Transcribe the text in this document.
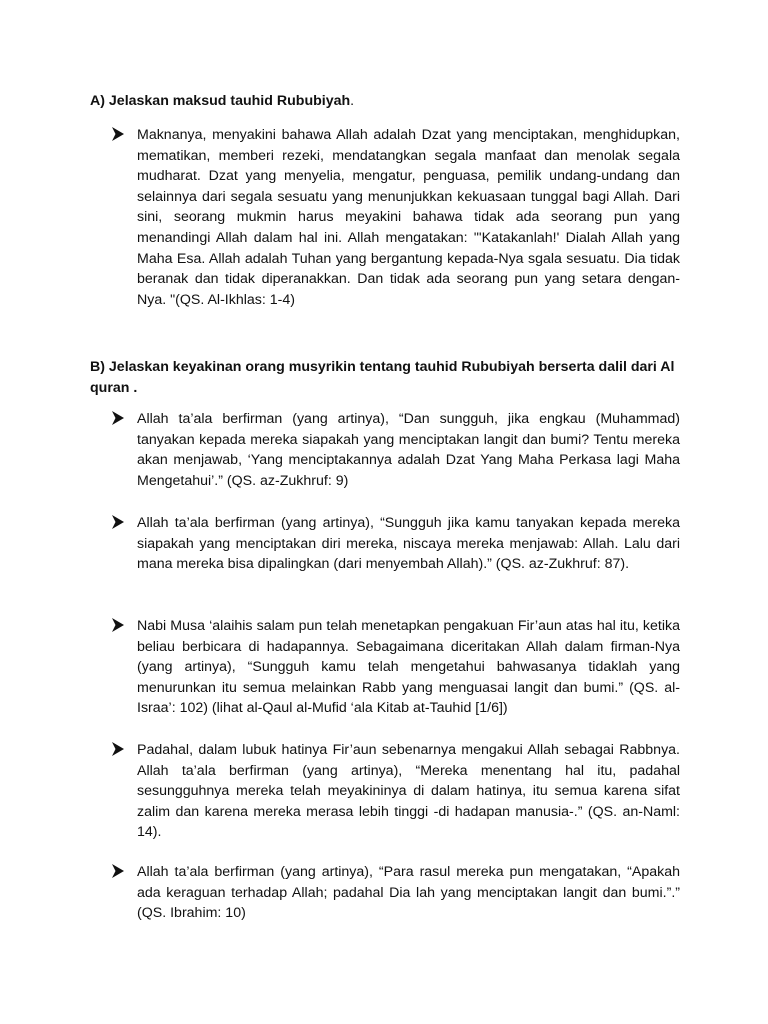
A) Jelaskan maksud tauhid Rububiyah.

Maknanya, menyakini bahawa Allah adalah Dzat yang menciptakan, menghidupkan, mematikan, memberi rezeki, mendatangkan segala manfaat dan menolak segala mudharat. Dzat yang menyelia, mengatur, penguasa, pemilik undang-undang dan selainnya dari segala sesuatu yang menunjukkan kekuasaan tunggal bagi Allah. Dari sini, seorang mukmin harus meyakini bahawa tidak ada seorang pun yang menandingi Allah dalam hal ini. Allah mengatakan: "'Katakanlah!' Dialah Allah yang Maha Esa. Allah adalah Tuhan yang bergantung kepada-Nya sgala sesuatu. Dia tidak beranak dan tidak diperanakkan. Dan tidak ada seorang pun yang setara dengan-Nya. "(QS. Al-Ikhlas: 1-4)

B) Jelaskan keyakinan orang musyrikin tentang tauhid Rububiyah berserta dalil dari Al quran .

Allah ta’ala berfirman (yang artinya), “Dan sungguh, jika engkau (Muhammad) tanyakan kepada mereka siapakah yang menciptakan langit dan bumi? Tentu mereka akan menjawab, ‘Yang menciptakannya adalah Dzat Yang Maha Perkasa lagi Maha Mengetahui’.” (QS. az-Zukhruf: 9)

Allah ta’ala berfirman (yang artinya), “Sungguh jika kamu tanyakan kepada mereka siapakah yang menciptakan diri mereka, niscaya mereka menjawab: Allah. Lalu dari mana mereka bisa dipalingkan (dari menyembah Allah).” (QS. az-Zukhruf: 87).

Nabi Musa ‘alaihis salam pun telah menetapkan pengakuan Fir’aun atas hal itu, ketika beliau berbicara di hadapannya. Sebagaimana diceritakan Allah dalam firman-Nya (yang artinya), “Sungguh kamu telah mengetahui bahwasanya tidaklah yang menurunkan itu semua melainkan Rabb yang menguasai langit dan bumi.” (QS. al-Israa’: 102) (lihat al-Qaul al-Mufid ‘ala Kitab at-Tauhid [1/6])

Padahal, dalam lubuk hatinya Fir’aun sebenarnya mengakui Allah sebagai Rabbnya. Allah ta’ala berfirman (yang artinya), “Mereka menentang hal itu, padahal sesungguhnya mereka telah meyakininya di dalam hatinya, itu semua karena sifat zalim dan karena mereka merasa lebih tinggi -di hadapan manusia-.” (QS. an-Naml: 14).

Allah ta’ala berfirman (yang artinya), “Para rasul mereka pun mengatakan, “Apakah ada keraguan terhadap Allah; padahal Dia lah yang menciptakan langit dan bumi.”.” (QS. Ibrahim: 10)
